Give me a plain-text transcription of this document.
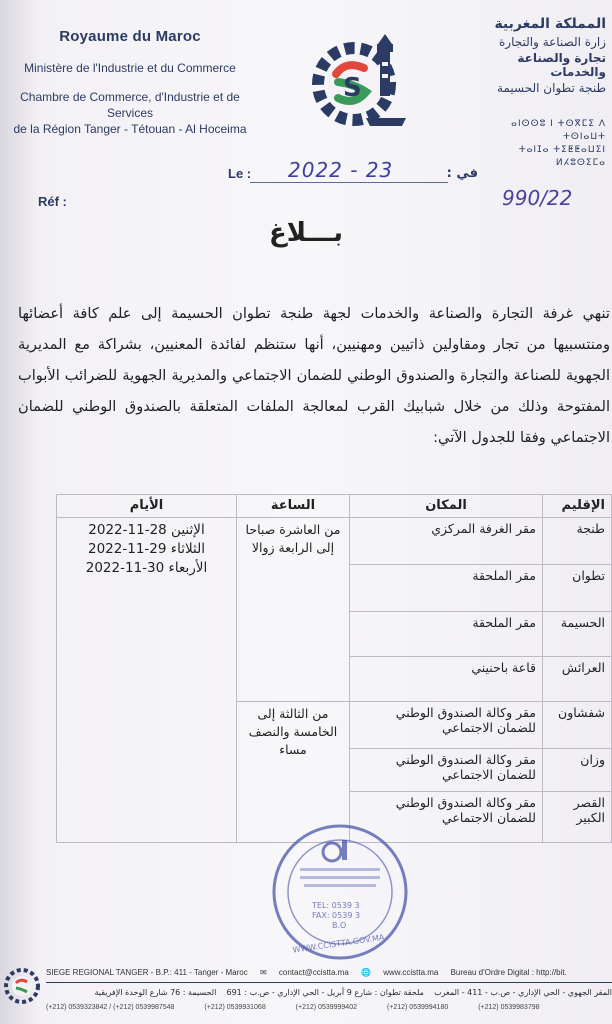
Royaume du Maroc
Ministère de l'Industrie et du Commerce
Chambre de Commerce, d'Industrie et de Services
de la Région Tanger - Tétouan - Al Hoceima
S
المملكة المغربية
زارة الصناعة والتجارة
تجارة والصناعة والخدمات
طنجة تطوان الحسيمة
ⴰⵏⵙⵙⵓ ⵏ ⵜⵙⴳⵎⵉ ⴷ ⵜⵙⵏⴰⵡⵜ
ⵜⴰⵏⵊⴰ ⵜⵉⵟⵟⴰⵡⵉⵏ ⵍⵃⵓⵙⵉⵎⴰ
Le : 2022 ‑ 23	في :
Réf :	990/22
بـــلاغ
تنهي غرفة التجارة والصناعة والخدمات لجهة طنجة تطوان الحسيمة إلى علم كافة أعضائها ومنتسبيها من تجار ومقاولين ذاتيين ومهنيين، أنها ستنظم لفائدة المعنيين، بشراكة مع المديرية الجهوية للصناعة والتجارة والصندوق الوطني للضمان الاجتماعي والمديرية الجهوية للضرائب الأبواب المفتوحة وذلك من خلال شبابيك القرب لمعالجة الملفات المتعلقة بالصندوق الوطني للضمان الاجتماعي وفقا للجدول الآتي:
الإقليم	المكان	الساعة	الأيام
طنجة	مقر الغرفة المركزي	من العاشرة صباحا إلى الرابعة زوالا	الإثنين 28-11-2022
الثلاثاء 29-11-2022
الأربعاء 30-11-2022

تطوان	مقر الملحقة		
الحسيمة	مقر الملحقة		
العرائش	قاعة باحنيني		
شفشاون	مقر وكالة الصندوق الوطني للضمان الاجتماعي	من الثالثة إلى الخامسة والنصف مساء	
وزان	مقر وكالة الصندوق الوطني للضمان الاجتماعي		
القصر الكبير	مقر وكالة الصندوق الوطني للضمان الاجتماعي		
TEL: 0539 3
FAX: 0539 3
B.O
WWW.CCISTTA.GOV.MA
SIEGE REGIONAL TANGER - B.P.: 411 - Tanger - Maroc ✉ contact@ccistta.ma 🌐 www.ccistta.ma Bureau d'Ordre Digital : http://bit.
المقر الجهوي - الحي الإداري - ص.ب - 411 - المغرب    ملحقة تطوان : شارع 9 أبريل - الحي الإداري - ص.ب : 691    الحسيمة : 76 شارع الوحدة الإفريقية
(+212) 0539323842 / (+212) 0539987548	(+212) 0539931068	(+212) 0539999402	(+212) 0539994180	(+212) 0539983798
